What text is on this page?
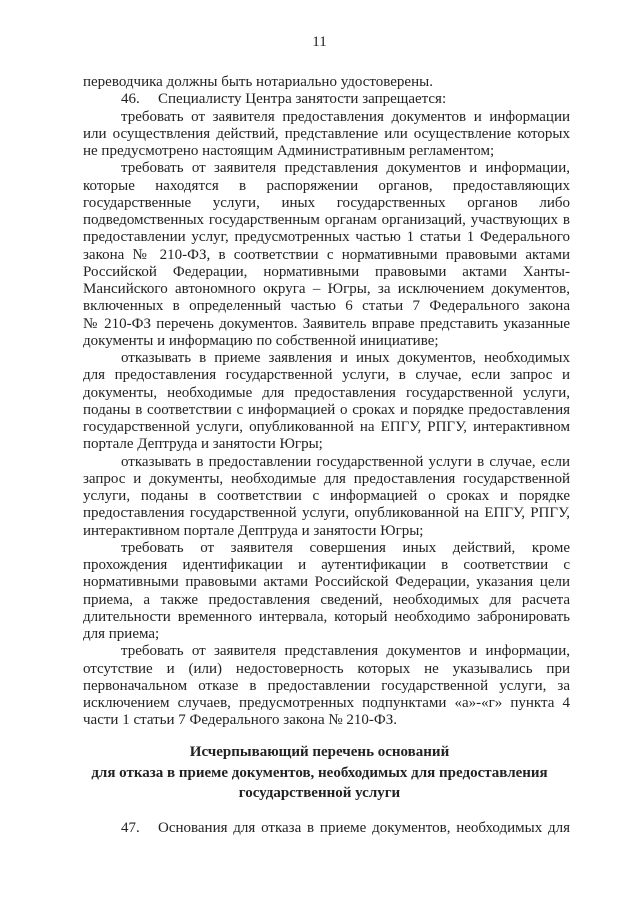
11
переводчика должны быть нотариально удостоверены.
46.	Специалисту Центра занятости запрещается:
требовать от заявителя предоставления документов и информации
или осуществления действий, представление или осуществление которых
не предусмотрено настоящим Административным регламентом;
требовать от заявителя представления документов и информации,
которые находятся в распоряжении органов, предоставляющих
государственные услуги, иных государственных органов либо
подведомственных государственным органам организаций, участвующих в
предоставлении услуг, предусмотренных частью 1 статьи 1 Федерального
закона № 210-ФЗ, в соответствии с нормативными правовыми актами
Российской Федерации, нормативными правовыми актами Ханты-
Мансийского автономного округа – Югры, за исключением документов,
включенных в определенный частью 6 статьи 7 Федерального закона
№ 210-ФЗ перечень документов. Заявитель вправе представить указанные
документы и информацию по собственной инициативе;
отказывать в приеме заявления и иных документов, необходимых
для предоставления государственной услуги, в случае, если запрос и
документы, необходимые для предоставления государственной услуги,
поданы в соответствии с информацией о сроках и порядке предоставления
государственной услуги, опубликованной на ЕПГУ, РПГУ, интерактивном
портале Дептруда и занятости Югры;
отказывать в предоставлении государственной услуги в случае, если
запрос и документы, необходимые для предоставления государственной
услуги, поданы в соответствии с информацией о сроках и порядке
предоставления государственной услуги, опубликованной на ЕПГУ, РПГУ,
интерактивном портале Дептруда и занятости Югры;
требовать от заявителя совершения иных действий, кроме
прохождения идентификации и аутентификации в соответствии с
нормативными правовыми актами Российской Федерации, указания цели
приема, а также предоставления сведений, необходимых для расчета
длительности временного интервала, который необходимо забронировать
для приема;
требовать от заявителя представления документов и информации,
отсутствие и (или) недостоверность которых не указывались при
первоначальном отказе в предоставлении государственной услуги, за
исключением случаев, предусмотренных подпунктами «а»-«г» пункта 4
части 1 статьи 7 Федерального закона № 210-ФЗ.
Исчерпывающий перечень оснований
для отказа в приеме документов, необходимых для предоставления
государственной услуги
47.	Основания для отказа в приеме документов, необходимых для
